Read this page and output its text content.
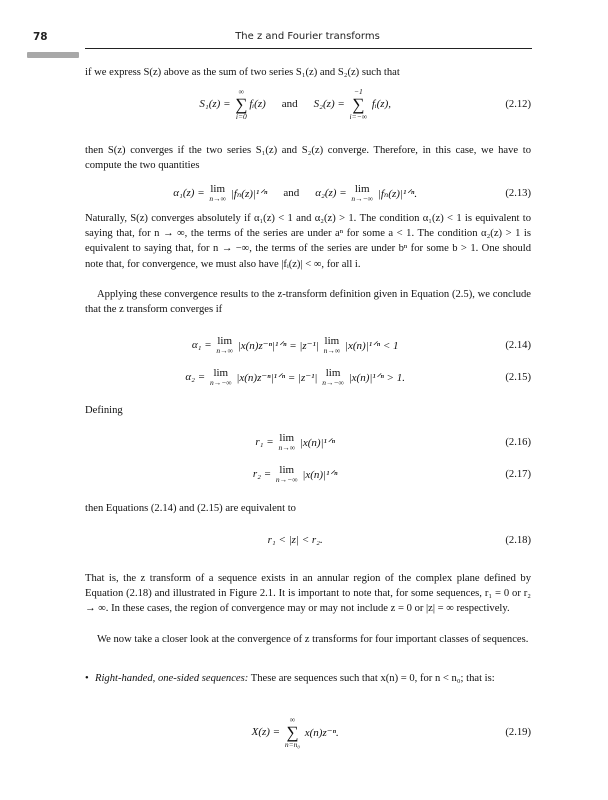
78	The z and Fourier transforms
if we express S(z) above as the sum of two series S₁(z) and S₂(z) such that
S₁(z) =
∞
∑
i=0
fᵢ(z) and S₂(z) =
−1
∑
i=−∞
fᵢ(z),	(2.12)
then S(z) converges if the two series S₁(z) and S₂(z) converge. Therefore, in this case, we have to compute the two quantities
α₁(z) = lim
n→∞ |fₙ(z)|¹ᐟⁿ and α₂(z) = lim
n→−∞ |fₙ(z)|¹ᐟⁿ.	(2.13)
Naturally, S(z) converges absolutely if α₁(z) < 1 and α₂(z) > 1. The condition α₁(z) < 1 is equivalent to saying that, for n → ∞, the terms of the series are under aⁿ for some a < 1. The condition α₂(z) > 1 is equivalent to saying that, for n → −∞, the terms of the series are under bⁿ for some b > 1. One should note that, for convergence, we must also have |fᵢ(z)| < ∞, for all i.
Applying these convergence results to the z-transform definition given in Equation (2.5), we conclude that the z transform converges if
α₁ = lim
n→∞ |x(n)z⁻ⁿ|¹ᐟⁿ = |z⁻¹| lim
n→∞ |x(n)|¹ᐟⁿ < 1	(2.14)
α₂ = lim
n→−∞ |x(n)z⁻ⁿ|¹ᐟⁿ = |z⁻¹| lim
n→−∞ |x(n)|¹ᐟⁿ > 1.	(2.15)
Defining
r₁ = lim
n→∞ |x(n)|¹ᐟⁿ	(2.16)
r₂ = lim
n→−∞ |x(n)|¹ᐟⁿ	(2.17)
then Equations (2.14) and (2.15) are equivalent to
r₁ < |z| < r₂.	(2.18)
That is, the z transform of a sequence exists in an annular region of the complex plane defined by Equation (2.18) and illustrated in Figure 2.1. It is important to note that, for some sequences, r₁ = 0 or r₂ → ∞. In these cases, the region of convergence may or may not include z = 0 or |z| = ∞ respectively.
We now take a closer look at the convergence of z transforms for four important classes of sequences.
• Right-handed, one-sided sequences: These are sequences such that x(n) = 0, for n < n₀; that is:
X(z) =
∞
∑
n=n₀
x(n)z⁻ⁿ.	(2.19)
